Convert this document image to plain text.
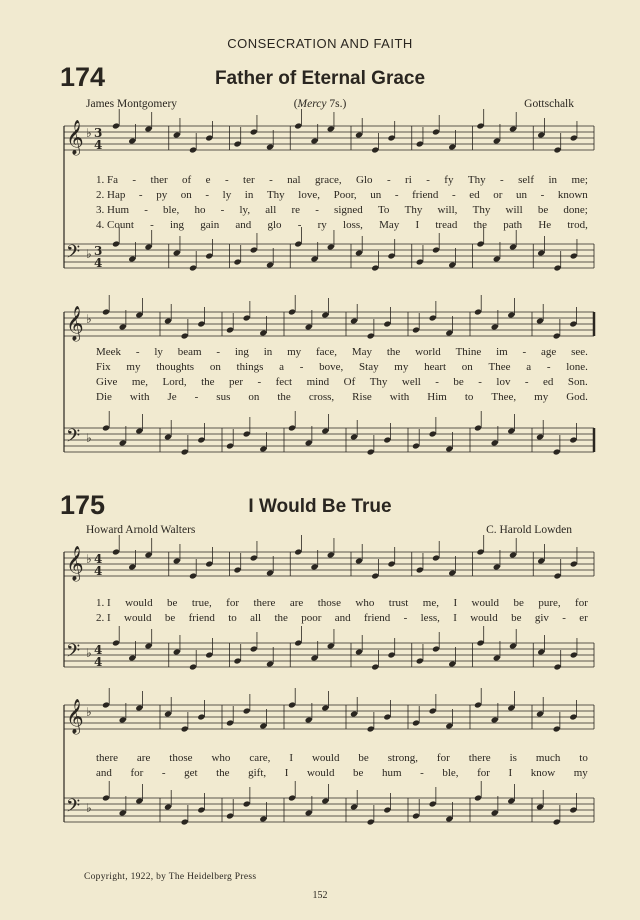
CONSECRATION AND FAITH
174	Father of Eternal Grace
James Montgomery	(Mercy 7s.)	Gottschalk
1. Fa - ther of e - ter - nal grace, Glo - ri - fy Thy - self in me;
2. Hap - py on - ly in Thy love, Poor, un - friend - ed or un - known
3. Hum - ble, ho - ly, all re - signed To Thy will, Thy will be done;
4. Count - ing gain and glo - ry loss, May I tread the path He trod,
Meek - ly beam - ing in my face, May the world Thine im - age see.
Fix my thoughts on things a - bove, Stay my heart on Thee a - lone.
Give me, Lord, the per - fect mind Of Thy well - be - lov - ed Son.
Die with Je - sus on the cross, Rise with Him to Thee, my God.
175	I Would Be True
Howard Arnold Walters	C. Harold Lowden
1. I would be true, for there are those who trust me, I would be pure, for
2. I would be friend to all the poor and friend - less, I would be giv - er
there are those who care, I would be strong, for there is much to
and for - get the gift, I would be hum - ble, for I know my
𝄞 ♭ 3
4
𝄢 ♭ 3
4
𝄞 ♭
𝄢 ♭
𝄞 ♭ 4
4
𝄢 ♭ 4
4
𝄞 ♭
𝄢 ♭
Copyright, 1922, by The Heidelberg Press
152
